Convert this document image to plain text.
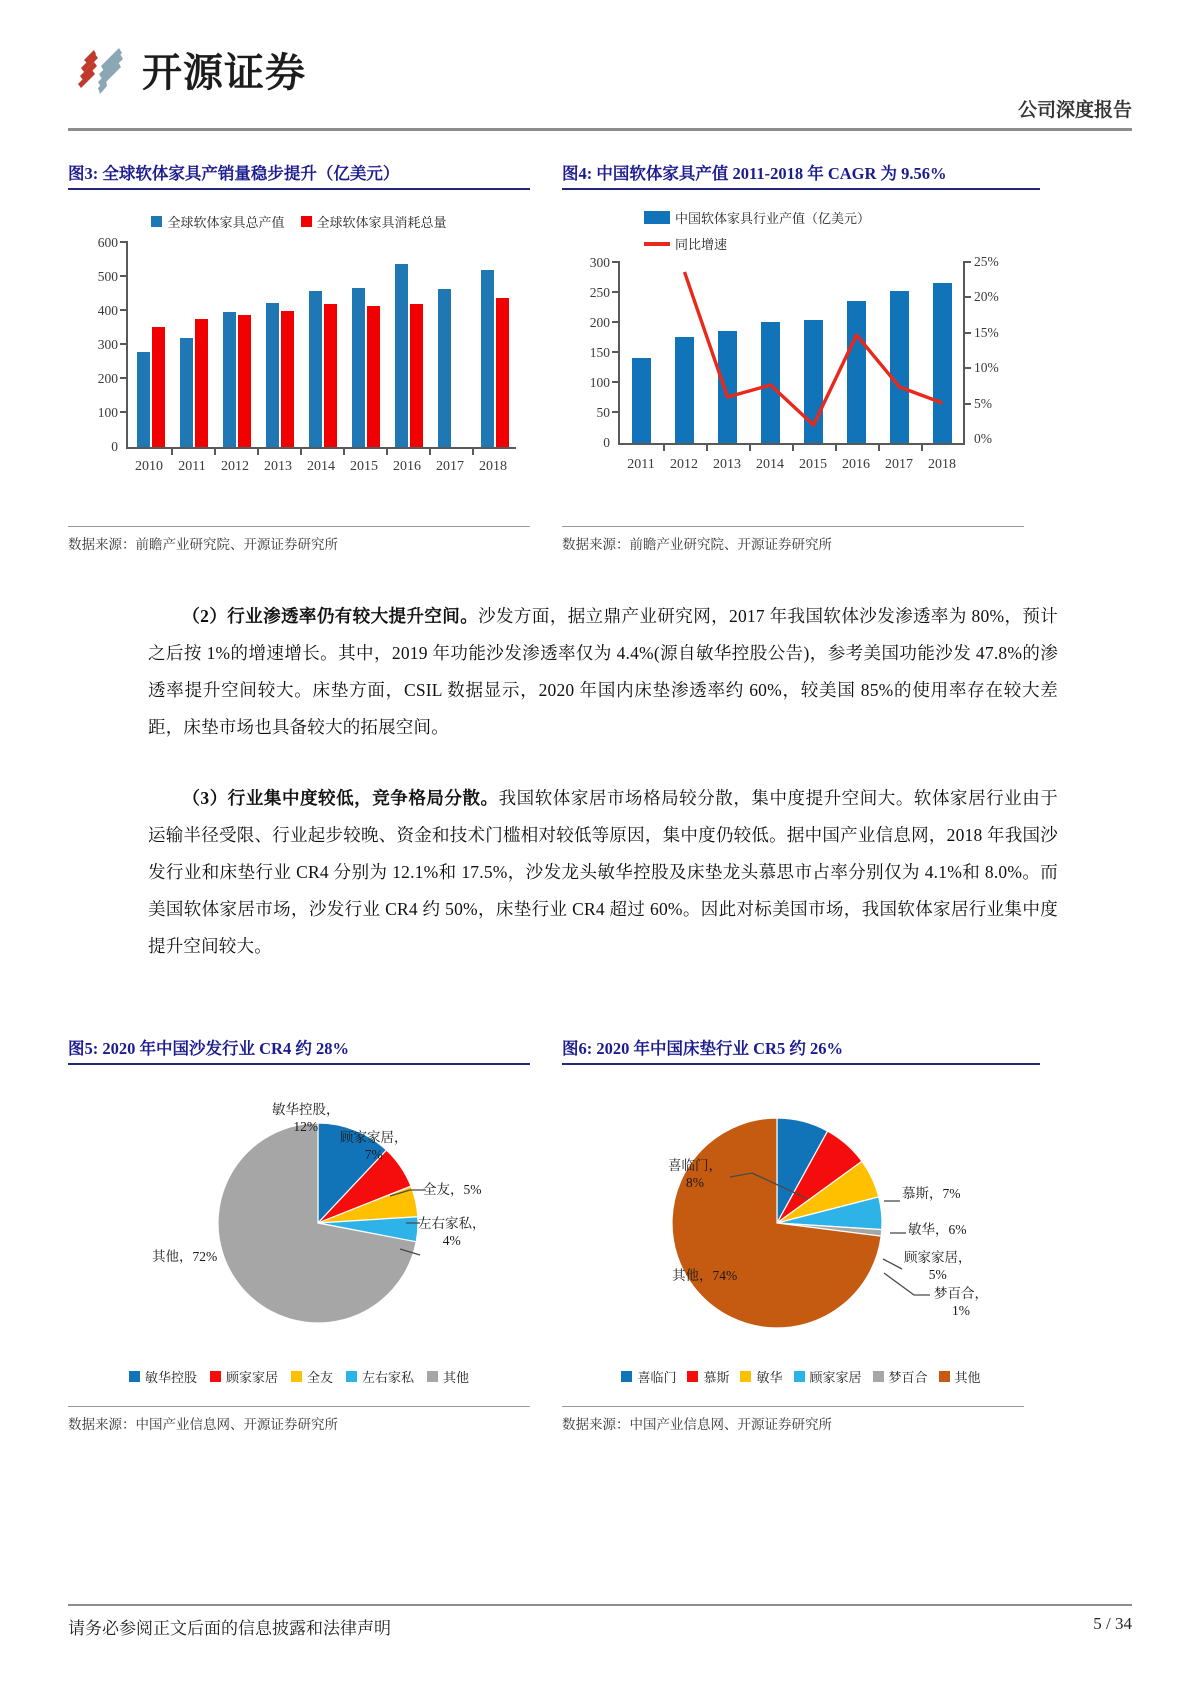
开源证券
公司深度报告
图3: 全球软体家具产销量稳步提升（亿美元）
全球软体家具总产值 全球软体家具消耗总量
600
500
400
300
200
100
0
2010	2011	2012	2013	2014	2015	2016	2017	2018
数据来源：前瞻产业研究院、开源证券研究所
图4: 中国软体家具产值 2011-2018 年 CAGR 为 9.56%
中国软体家具行业产值（亿美元）
同比增速
300
250
200
150
100
50
0
25%
20%
15%
10%
5%
0%
2011	2012	2013	2014	2015	2016	2017	2018
数据来源：前瞻产业研究院、开源证券研究所
（2）行业渗透率仍有较大提升空间。沙发方面，据立鼎产业研究网，2017 年我国软体沙发渗透率为 80%，预计之后按 1%的增速增长。其中，2019 年功能沙发渗透率仅为 4.4%(源自敏华控股公告)，参考美国功能沙发 47.8%的渗透率提升空间较大。床垫方面，CSIL 数据显示，2020 年国内床垫渗透率约 60%，较美国 85%的使用率存在较大差距，床垫市场也具备较大的拓展空间。
（3）行业集中度较低，竞争格局分散。我国软体家居市场格局较分散，集中度提升空间大。软体家居行业由于运输半径受限、行业起步较晚、资金和技术门槛相对较低等原因，集中度仍较低。据中国产业信息网，2018 年我国沙发行业和床垫行业 CR4 分别为 12.1%和 17.5%，沙发龙头敏华控股及床垫龙头慕思市占率分别仅为 4.1%和 8.0%。而美国软体家居市场，沙发行业 CR4 约 50%，床垫行业 CR4 超过 60%。因此对标美国市场，我国软体家居行业集中度提升空间较大。
图5: 2020 年中国沙发行业 CR4 约 28%
敏华控股，
12%
顾家家居，
7%
全友，5%
左右家私，
4%
其他，72%
敏华控股 顾家家居 全友 左右家私 其他
数据来源：中国产业信息网、开源证券研究所
图6: 2020 年中国床垫行业 CR5 约 26%
喜临门，
8%
慕斯，7%
敏华，6%
顾家家居，
5%
梦百合，
1%
其他，74%
喜临门 慕斯 敏华 顾家家居 梦百合 其他
数据来源：中国产业信息网、开源证券研究所
请务必参阅正文后面的信息披露和法律声明	5 / 34
